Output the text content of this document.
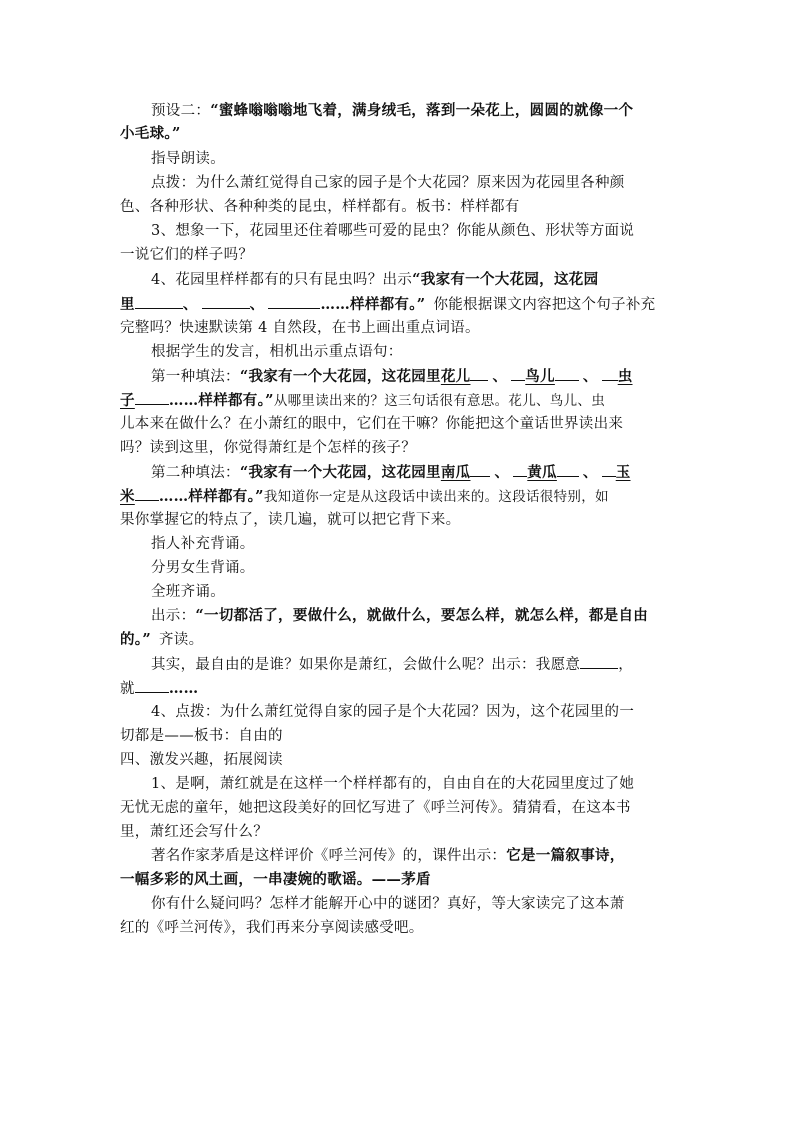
预设二：“蜜蜂嗡嗡嗡地飞着，满身绒毛，落到一朵花上，圆圆的就像一个
小毛球。”
指导朗读。
点拨：为什么萧红觉得自己家的园子是个大花园？原来因为花园里各种颜
色、各种形状、各种种类的昆虫，样样都有。板书：样样都有
3、想象一下，花园里还住着哪些可爱的昆虫？你能从颜色、形状等方面说
一说它们的样子吗？
4、花园里样样都有的只有昆虫吗？出示“我家有一个大花园，这花园
里	、	、	……样样都有。” 你能根据课文内容把这个句子补充
完整吗？快速默读第 4 自然段，在书上画出重点词语。
根据学生的发言，相机出示重点语句：
第一种填法：“我家有一个大花园，这花园里花儿 、 鸟儿 、 虫
子 ……样样都有。”从哪里读出来的？这三句话很有意思。花儿、鸟儿、虫
儿本来在做什么？在小萧红的眼中，它们在干嘛？你能把这个童话世界读出来
吗？读到这里，你觉得萧红是个怎样的孩子？
第二种填法：“我家有一个大花园，这花园里南瓜 、 黄瓜 、 玉
米 ……样样都有。”我知道你一定是从这段话中读出来的。这段话很特别，如
果你掌握它的特点了，读几遍，就可以把它背下来。
指人补充背诵。
分男女生背诵。
全班齐诵。
出示：“一切都活了，要做什么，就做什么，要怎么样，就怎么样，都是自由
的。” 齐读。
其实，最自由的是谁？如果你是萧红，会做什么呢？出示：我愿意	，
就 ……
4、点拨：为什么萧红觉得自家的园子是个大花园？因为，这个花园里的一
切都是——板书：自由的
四、激发兴趣，拓展阅读
1、是啊，萧红就是在这样一个样样都有的，自由自在的大花园里度过了她
无忧无虑的童年，她把这段美好的回忆写进了《呼兰河传》。猜猜看，在这本书
里，萧红还会写什么？
著名作家茅盾是这样评价《呼兰河传》的，课件出示：它是一篇叙事诗，
一幅多彩的风土画，一串凄婉的歌谣。——茅盾
你有什么疑问吗？怎样才能解开心中的谜团？真好，等大家读完了这本萧
红的《呼兰河传》，我们再来分享阅读感受吧。
